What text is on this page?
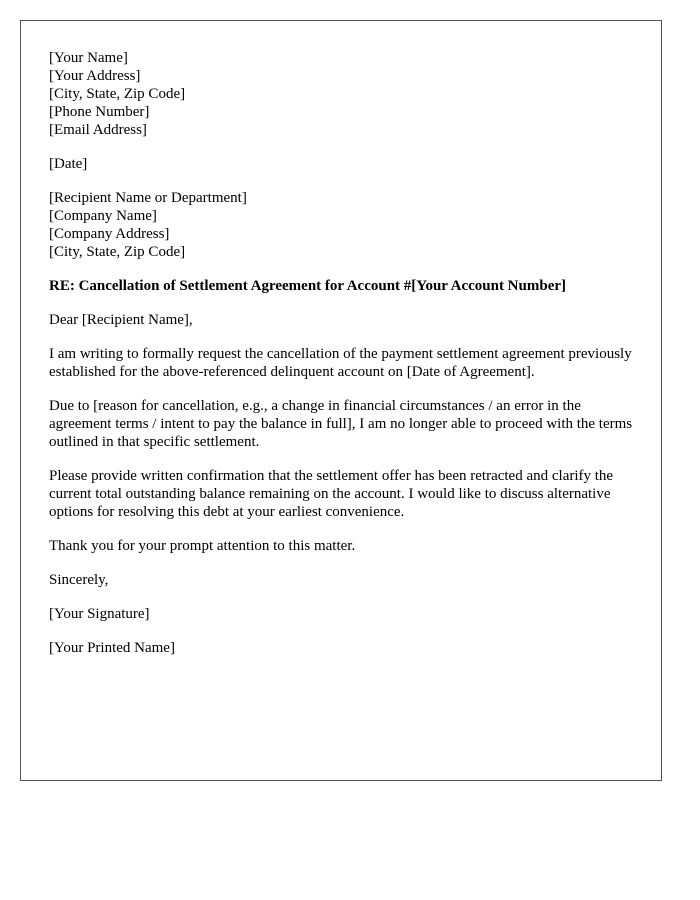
[Your Name]
[Your Address]
[City, State, Zip Code]
[Phone Number]
[Email Address]

[Date]

[Recipient Name or Department]
[Company Name]
[Company Address]
[City, State, Zip Code]

RE: Cancellation of Settlement Agreement for Account #[Your Account Number]

Dear [Recipient Name],

I am writing to formally request the cancellation of the payment settlement agreement previously established for the above-referenced delinquent account on [Date of Agreement].

Due to [reason for cancellation, e.g., a change in financial circumstances / an error in the agreement terms / intent to pay the balance in full], I am no longer able to proceed with the terms outlined in that specific settlement.

Please provide written confirmation that the settlement offer has been retracted and clarify the current total outstanding balance remaining on the account. I would like to discuss alternative options for resolving this debt at your earliest convenience.

Thank you for your prompt attention to this matter.

Sincerely,

[Your Signature]

[Your Printed Name]
